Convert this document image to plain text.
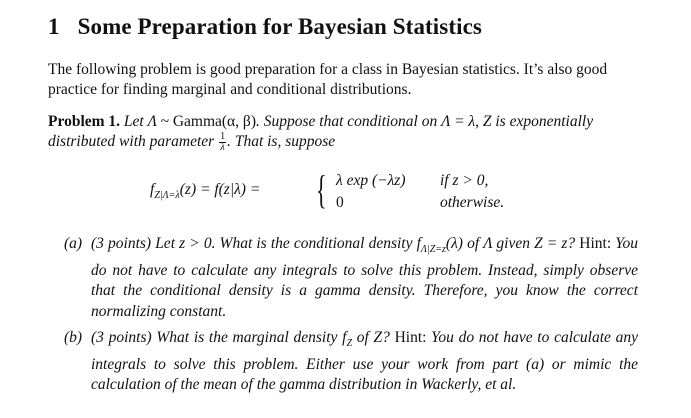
1 Some Preparation for Bayesian Statistics
The following problem is good preparation for a class in Bayesian statistics. It’s also good practice for finding marginal and conditional distributions.
Problem 1. Let Λ ~ Gamma(α, β). Suppose that conditional on Λ = λ, Z is exponentially distributed with parameter $\frac{1}{\lambda}$ . That is, suppose
$f_{Z|\Lambda=\lambda}(z) = f(z|\lambda)$ = { λ exp (−λz) if z > 0,
0	otherwise.
(a) (3 points) Let z > 0. What is the conditional density $f_{\Lambda|Z=z}(\lambda)$ of Λ given Z = z? Hint: You do not have to calculate any integrals to solve this problem. Instead, simply observe that the conditional density is a gamma density. Therefore, you know the correct normalizing constant.
(b) (3 points) What is the marginal density $f_Z$ of Z? Hint: You do not have to calculate any integrals to solve this problem. Either use your work from part (a) or mimic the calculation of the mean of the gamma distribution in Wackerly, et al.
